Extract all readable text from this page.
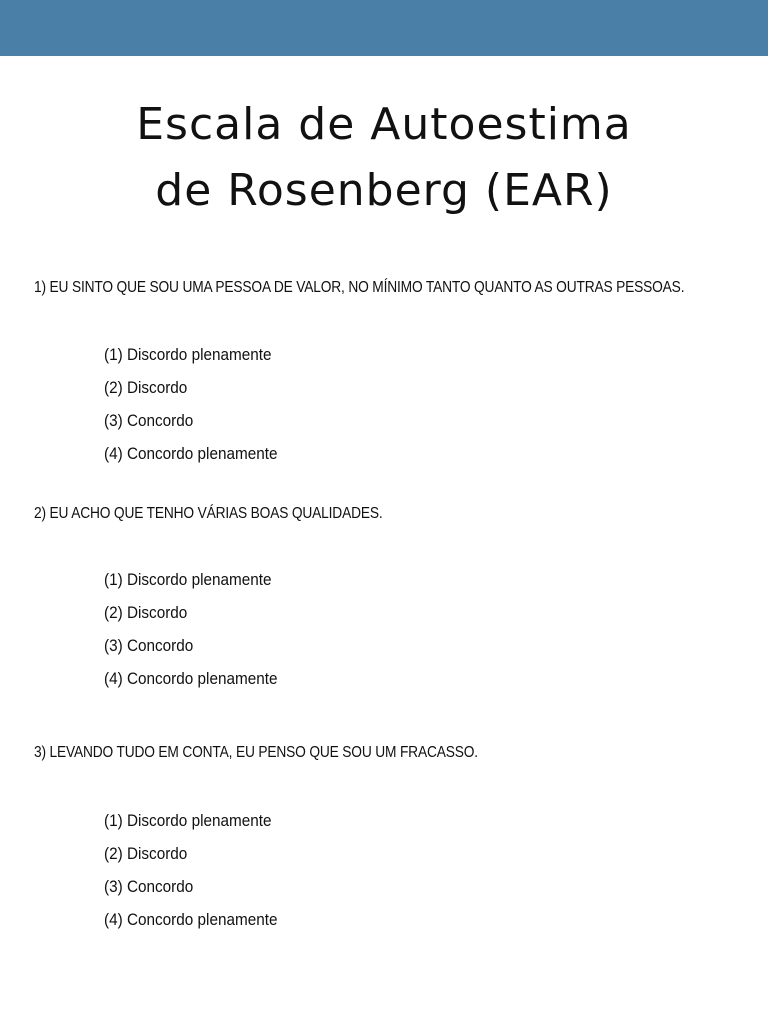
Escala de Autoestima
de Rosenberg (EAR)

1) EU SINTO QUE SOU UMA PESSOA DE VALOR, NO MÍNIMO TANTO QUANTO AS OUTRAS PESSOAS.

(1) Discordo plenamente
(2) Discordo
(3) Concordo
(4) Concordo plenamente

2) EU ACHO QUE TENHO VÁRIAS BOAS QUALIDADES.

(1) Discordo plenamente
(2) Discordo
(3) Concordo
(4) Concordo plenamente

3) LEVANDO TUDO EM CONTA, EU PENSO QUE SOU UM FRACASSO.

(1) Discordo plenamente
(2) Discordo
(3) Concordo
(4) Concordo plenamente
